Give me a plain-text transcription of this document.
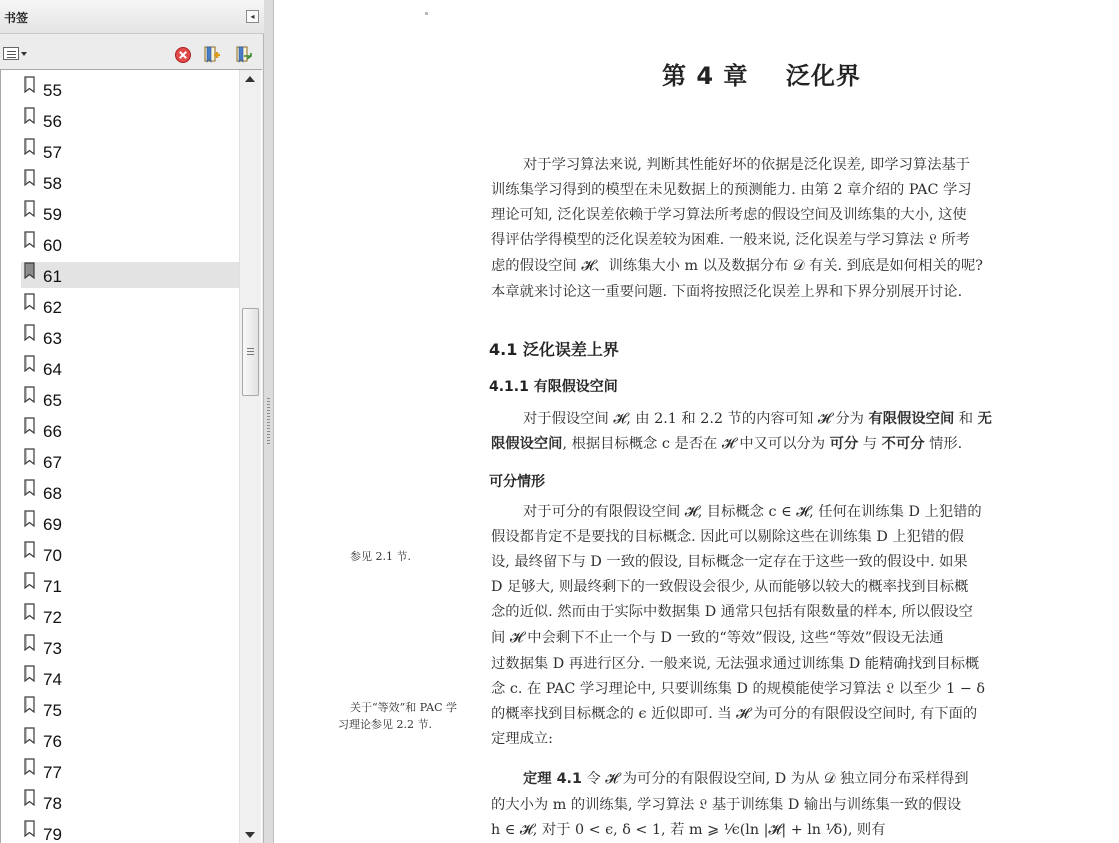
书签	◂
55
56
57
58
59
60
61
62
63
64
65
66
67
68
69
70
71
72
73
74
75
76
77
78
79
第 4 章    泛化界
对于学习算法来说, 判断其性能好坏的依据是泛化误差, 即学习算法基于
训练集学习得到的模型在未见数据上的预测能力. 由第 2 章介绍的 PAC 学习
理论可知, 泛化误差依赖于学习算法所考虑的假设空间及训练集的大小, 这使
得评估学得模型的泛化误差较为困难. 一般来说, 泛化误差与学习算法 𝔏 所考
虑的假设空间 𝓗、训练集大小 m 以及数据分布 𝒟 有关. 到底是如何相关的呢?
本章就来讨论这一重要问题. 下面将按照泛化误差上界和下界分别展开讨论.
4.1 泛化误差上界
4.1.1 有限假设空间
对于假设空间 𝓗, 由 2.1 和 2.2 节的内容可知 𝓗 分为 有限假设空间 和 无
限假设空间, 根据目标概念 c 是否在 𝓗 中又可以分为 可分 与 不可分 情形.
可分情形
对于可分的有限假设空间 𝓗, 目标概念 c ∈ 𝓗, 任何在训练集 D 上犯错的
假设都肯定不是要找的目标概念. 因此可以剔除这些在训练集 D 上犯错的假
设, 最终留下与 D 一致的假设, 目标概念一定存在于这些一致的假设中. 如果
D 足够大, 则最终剩下的一致假设会很少, 从而能够以较大的概率找到目标概
念的近似. 然而由于实际中数据集 D 通常只包括有限数量的样本, 所以假设空
间 𝓗 中会剩下不止一个与 D 一致的“等效”假设, 这些“等效”假设无法通
过数据集 D 再进行区分. 一般来说, 无法强求通过训练集 D 能精确找到目标概
念 c. 在 PAC 学习理论中, 只要训练集 D 的规模能使学习算法 𝔏 以至少 1 − δ
的概率找到目标概念的 ϵ 近似即可. 当 𝓗 为可分的有限假设空间时, 有下面的
定理成立:
参见 2.1 节.
关于“等效”和 PAC 学
习理论参见 2.2 节.
定理 4.1 令 𝓗 为可分的有限假设空间, D 为从 𝒟 独立同分布采样得到
的大小为 m 的训练集, 学习算法 𝔏 基于训练集 D 输出与训练集一致的假设
h ∈ 𝓗, 对于 0 < ϵ, δ < 1, 若 m ⩾ ¹⁄ϵ(ln |𝓗| + ln ¹⁄δ), 则有
